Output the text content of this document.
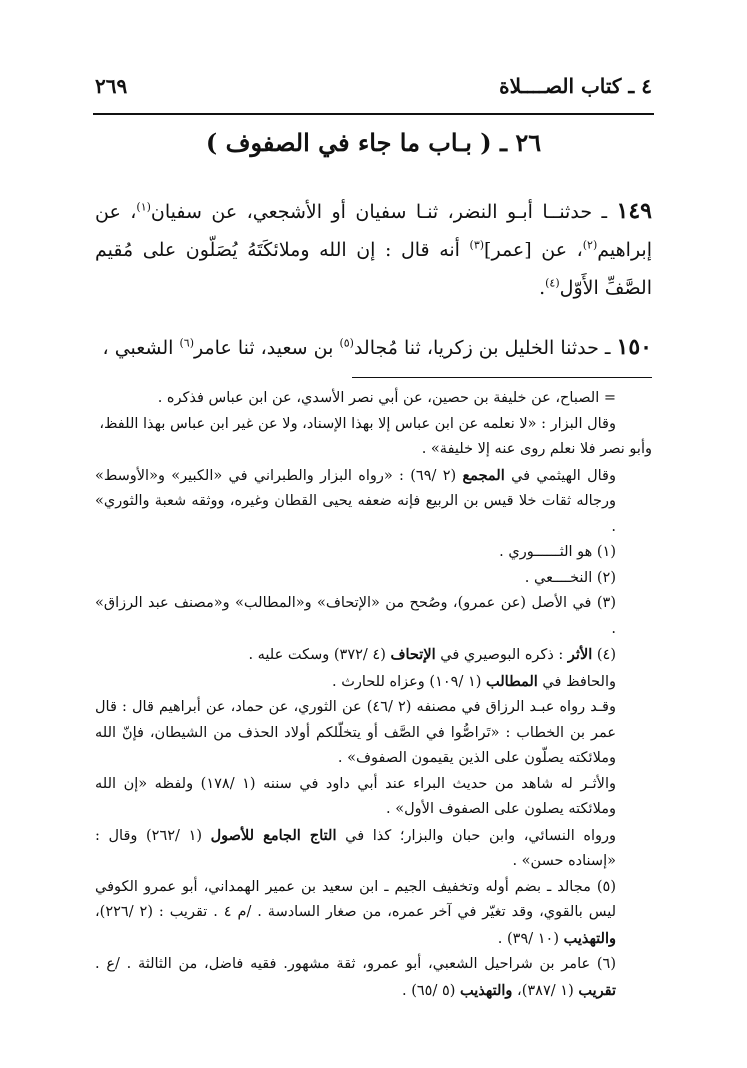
٤ ـ كتاب الصــــلاة
٢٦٩
٢٦ ـ ( بـاب ما جاء في الصفوف )
١٤٩ ـ حدثنــا أبـو النضر، ثنـا سفيان أو الأشجعي، عن سفيان$^{(١)}$، عن إبراهيم$^{(٢)}$، عن [عمر]$^{(٣)}$ أنه قال : إن الله وملائكَتَهُ يُصَلّون على مُقيم الصَّفِّ الأَوّل$^{(٤)}$.
١٥٠ ـ حدثنا الخليل بن زكريا، ثنا مُجالد$^{(٥)}$ بن سعيد، ثنا عامر$^{(٦)}$ الشعبي ،

= الصباح، عن خليفة بن حصين، عن أبي نصر الأسدي، عن ابن عباس فذكره .

وقال البزار : «لا نعلمه عن ابن عباس إلا بهذا الإسناد، ولا عن غير ابن عباس بهذا اللفظ،

وأبو نصر فلا نعلم روى عنه إلا خليفة» .

وقال الهيثمي في المجمع (٢ /٦٩) : «رواه البزار والطبراني في «الكبير» و«الأوسط» ورجاله ثقات خلا قيس بن الربيع فإنه ضعفه يحيى القطان وغيره، ووثقه شعبة والثوري» .

(١) هو الثــــــوري .

(٢) النخــــعي .

(٣) في الأصل (عن عمرو)، وصُحح من «الإتحاف» و«المطالب» و«مصنف عبد الرزاق» .

(٤) الأثر : ذكره البوصيري في الإتحاف (٤ /٣٧٢) وسكت عليه .

والحافظ في المطالب (١ /١٠٩) وعزاه للحارث .

وقـد رواه عبـد الرزاق في مصنفه (٢ /٤٦) عن الثوري، عن حماد، عن أبراهيم قال : قال عمر بن الخطاب : «تَراصُّوا في الصَّف أو يتخلّلكم أولاد الحذف من الشيطان، فإنّ الله وملائكته يصلّون على الذين يقيمون الصفوف» .

والأثـر له شاهد من حديث البراء عند أبي داود في سننه (١ /١٧٨) ولفظه «إن الله وملائكته يصلون على الصفوف الأول» .

ورواه النسائي، وابن حبان والبزار؛ كذا في التاج الجامع للأصول (١ /٢٦٢) وقال : «إسناده حسن» .

(٥) مجالد ـ بضم أوله وتخفيف الجيم ـ ابن سعيد بن عمير الهمداني، أبو عمرو الكوفي ليس بالقوي، وقد تغيّر في آخر عمره، من صغار السادسة . /م ٤ . تقريب : (٢ /٢٢٦)، والتهذيب (١٠ /٣٩) .

(٦) عامر بن شراحيل الشعبي، أبو عمرو، ثقة مشهور. فقيه فاضل، من الثالثة . /ع . تقريب (١ /٣٨٧)، والتهذيب (٥ /٦٥) .
